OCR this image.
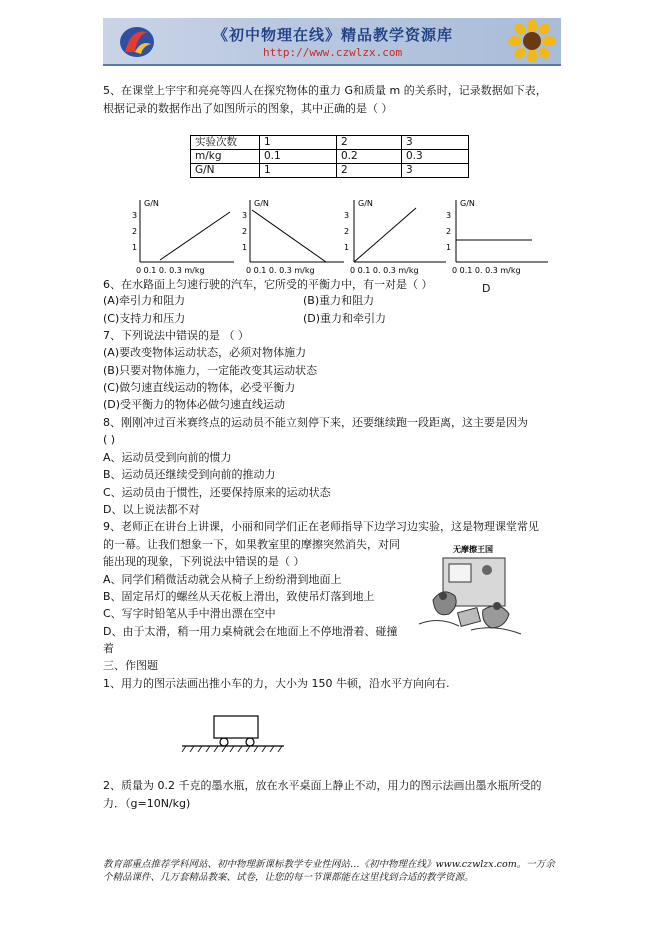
《初中物理在线》精品教学资源库
http://www.czwlzx.com
5、在课堂上宇宇和亮亮等四人在探究物体的重力 G和质量 m 的关系时，记录数据如下表，
根据记录的数据作出了如图所示的图象，其中正确的是（ ）
实验次数	1	2	3
m/kg	0.1	0.2	0.3
G/N	1	2	3
G/N
3
2
1
0 0.1 0. 0.3 m/kg
G/N
3
2
1
0 0.1 0. 0.3 m/kg
G/N
3
2
1
0 0.1 0. 0.3 m/kg
G/N
3
2
1
0 0.1 0. 0.3 m/kg
D
6、在水路面上匀速行驶的汽车，它所受的平衡力中，有一对是（ ）
(A)牵引力和阻力	(B)重力和阻力
(C)支持力和压力	(D)重力和牵引力
7、下列说法中错误的是 （ ）
(A)要改变物体运动状态，必须对物体施力
(B)只要对物体施力，一定能改变其运动状态
(C)做匀速直线运动的物体，必受平衡力
(D)受平衡力的物体必做匀速直线运动
8、刚刚冲过百米赛终点的运动员不能立刻停下来，还要继续跑一段距离，这主要是因为
( )
A、运动员受到向前的惯力
B、运动员还继续受到向前的推动力
C、运动员由于惯性，还要保持原来的运动状态
D、以上说法都不对
9、老师正在讲台上讲课，小丽和同学们正在老师指导下边学习边实验，这是物理课堂常见
的一幕。让我们想象一下，如果教室里的摩擦突然消失，对同
能出现的现象，下列说法中错误的是（ ）
A、同学们稍微活动就会从椅子上纷纷滑到地面上
B、固定吊灯的螺丝从天花板上滑出，致使吊灯落到地上
C、写字时铅笔从手中滑出漂在空中
D、由于太滑，稍一用力桌椅就会在地面上不停地滑着、碰撞
着
无摩擦王国
三、作图题
1、用力的图示法画出推小车的力，大小为 150 牛顿，沿水平方向向右.
2、质量为 0.2 千克的墨水瓶，放在水平桌面上静止不动，用力的图示法画出墨水瓶所受的
力．（g=10N/kg)
教育部重点推荐学科网站、初中物理新课标教学专业性网站…《初中物理在线》www.czwlzx.com。一万余
个精品课件、几万套精品教案、试卷，让您的每一节课都能在这里找到合适的教学资源。
